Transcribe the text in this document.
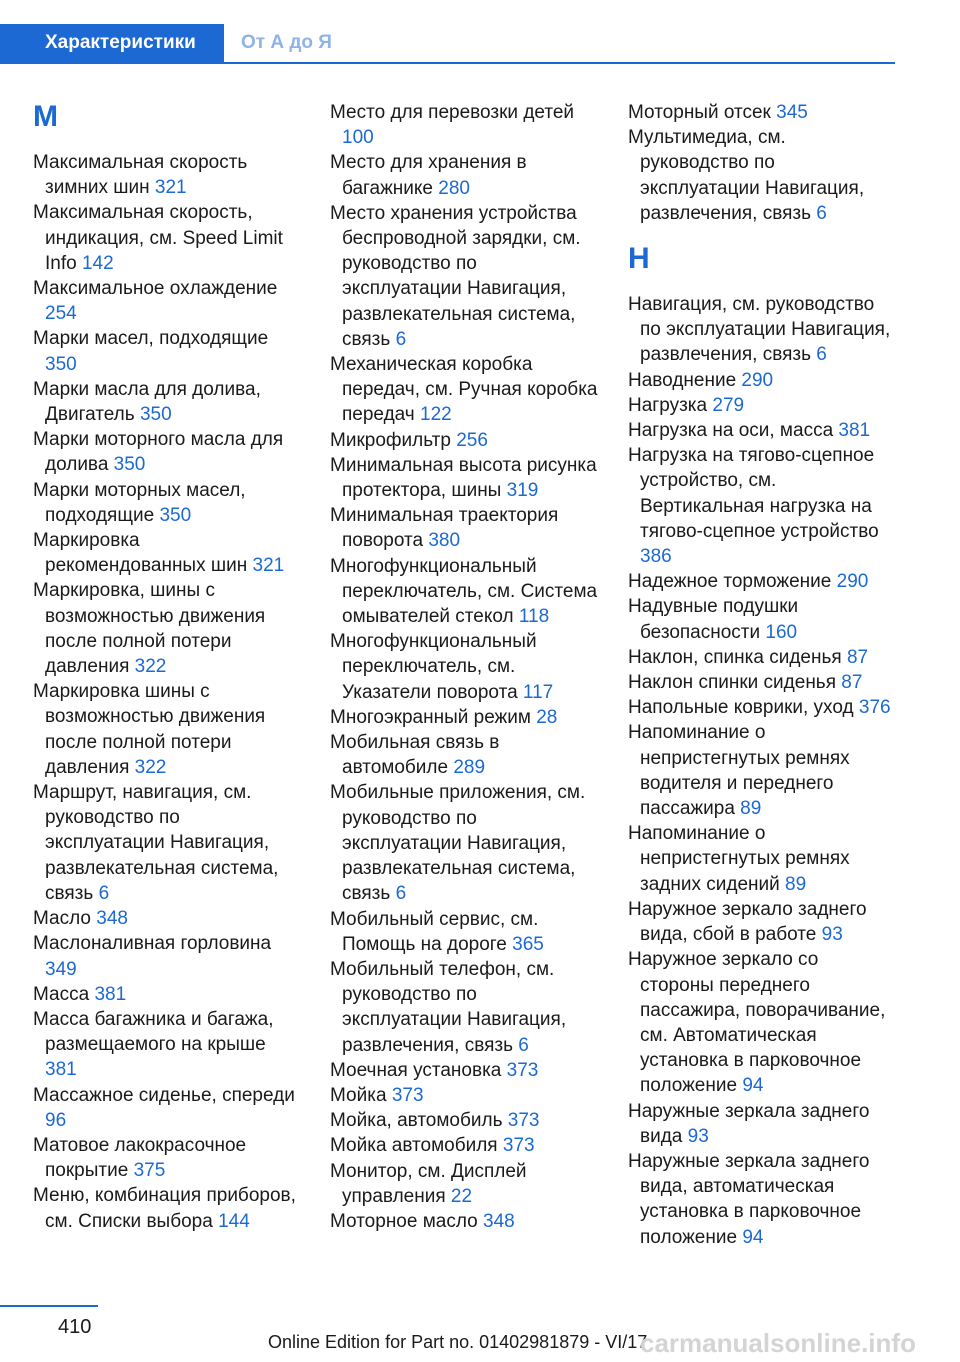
Характеристики	От А до Я
М
Максимальная скорость зимних шин 321
Максимальная скорость, индикация, см. Speed Limit Info 142
Максимальное охлаждение 254
Марки масел, подходящие 350
Марки масла для долива, Двигатель 350
Марки моторного масла для долива 350
Марки моторных масел, подходящие 350
Маркировка рекомендованных шин 321
Маркировка, шины с возможностью движения после полной потери давления 322
Маркировка шины с возможностью движения после полной потери давления 322
Маршрут, навигация, см. руководство по эксплуатации Навигация, развлекательная система, связь 6
Масло 348
Маслоналивная горловина 349
Масса 381
Масса багажника и багажа, размещаемого на крыше 381
Массажное сиденье, спереди 96
Матовое лакокрасочное покрытие 375
Меню, комбинация приборов, см. Списки выбора 144
Место для перевозки детей 100
Место для хранения в багажнике 280
Место хранения устройства беспроводной зарядки, см. руководство по эксплуатации Навигация, развлекательная система, связь 6
Механическая коробка передач, см. Ручная коробка передач 122
Микрофильтр 256
Минимальная высота рисунка протектора, шины 319
Минимальная траектория поворота 380
Многофункциональный переключатель, см. Система омывателей стекол 118
Многофункциональный переключатель, см. Указатели поворота 117
Многоэкранный режим 28
Мобильная связь в автомобиле 289
Мобильные приложения, см. руководство по эксплуатации Навигация, развлекательная система, связь 6
Мобильный сервис, см. Помощь на дороге 365
Мобильный телефон, см. руководство по эксплуатации Навигация, развлечения, связь 6
Моечная установка 373
Мойка 373
Мойка, автомобиль 373
Мойка автомобиля 373
Монитор, см. Дисплей управления 22
Моторное масло 348
Моторный отсек 345
Мультимедиа, см. руководство по эксплуатации Навигация, развлечения, связь 6
Н
Навигация, см. руководство по эксплуатации Навигация, развлечения, связь 6
Наводнение 290
Нагрузка 279
Нагрузка на оси, масса 381
Нагрузка на тягово-сцепное устройство, см. Вертикальная нагрузка на тягово-сцепное устройство 386
Надежное торможение 290
Надувные подушки безопасности 160
Наклон, спинка сиденья 87
Наклон спинки сиденья 87
Напольные коврики, уход 376
Напоминание о непристегнутых ремнях водителя и переднего пассажира 89
Напоминание о непристегнутых ремнях задних сидений 89
Наружное зеркало заднего вида, сбой в работе 93
Наружное зеркало со стороны переднего пассажира, поворачивание, см. Автоматическая установка в парковочное положение 94
Наружные зеркала заднего вида 93
Наружные зеркала заднего вида, автоматическая установка в парковочное положение 94
410
Online Edition for Part no. 01402981879 - VI/17
carmanualsonline.info
